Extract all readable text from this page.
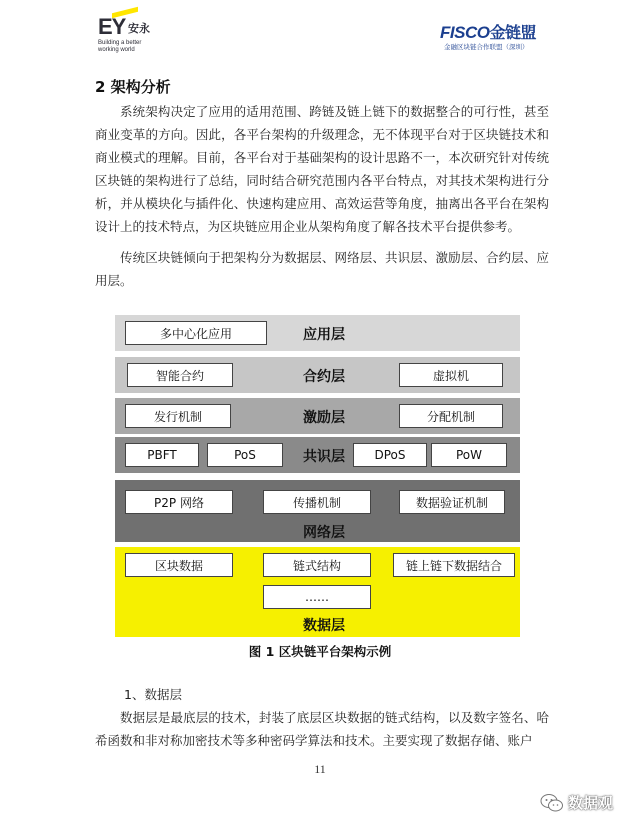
EY 安永
Building a better working world
FISCO金链盟
金融区块链合作联盟（深圳）
2 架构分析

系统架构决定了应用的适用范围、跨链及链上链下的数据整合的可行性，甚至商业变革的方向。因此，各平台架构的升级理念，无不体现平台对于区块链技术和商业模式的理解。目前，各平台对于基础架构的设计思路不一，本次研究针对传统区块链的架构进行了总结，同时结合研究范围内各平台特点，对其技术架构进行分析，并从模块化与插件化、快速构建应用、高效运营等角度，抽离出各平台在架构设计上的技术特点，为区块链应用企业从架构角度了解各技术平台提供参考。

传统区块链倾向于把架构分为数据层、网络层、共识层、激励层、合约层、应用层。

多中心化应用	应用层
智能合约	合约层	虚拟机
发行机制	激励层	分配机制
PBFT	PoS	共识层	DPoS	PoW
P2P 网络	传播机制	数据验证机制
网络层
区块数据	链式结构	链上链下数据结合
……
数据层
图 1 区块链平台架构示例
1、数据层

数据层是最底层的技术，封装了底层区块数据的链式结构，以及数字签名、哈希函数和非对称加密技术等多种密码学算法和技术。主要实现了数据存储、账户

11
数据观
